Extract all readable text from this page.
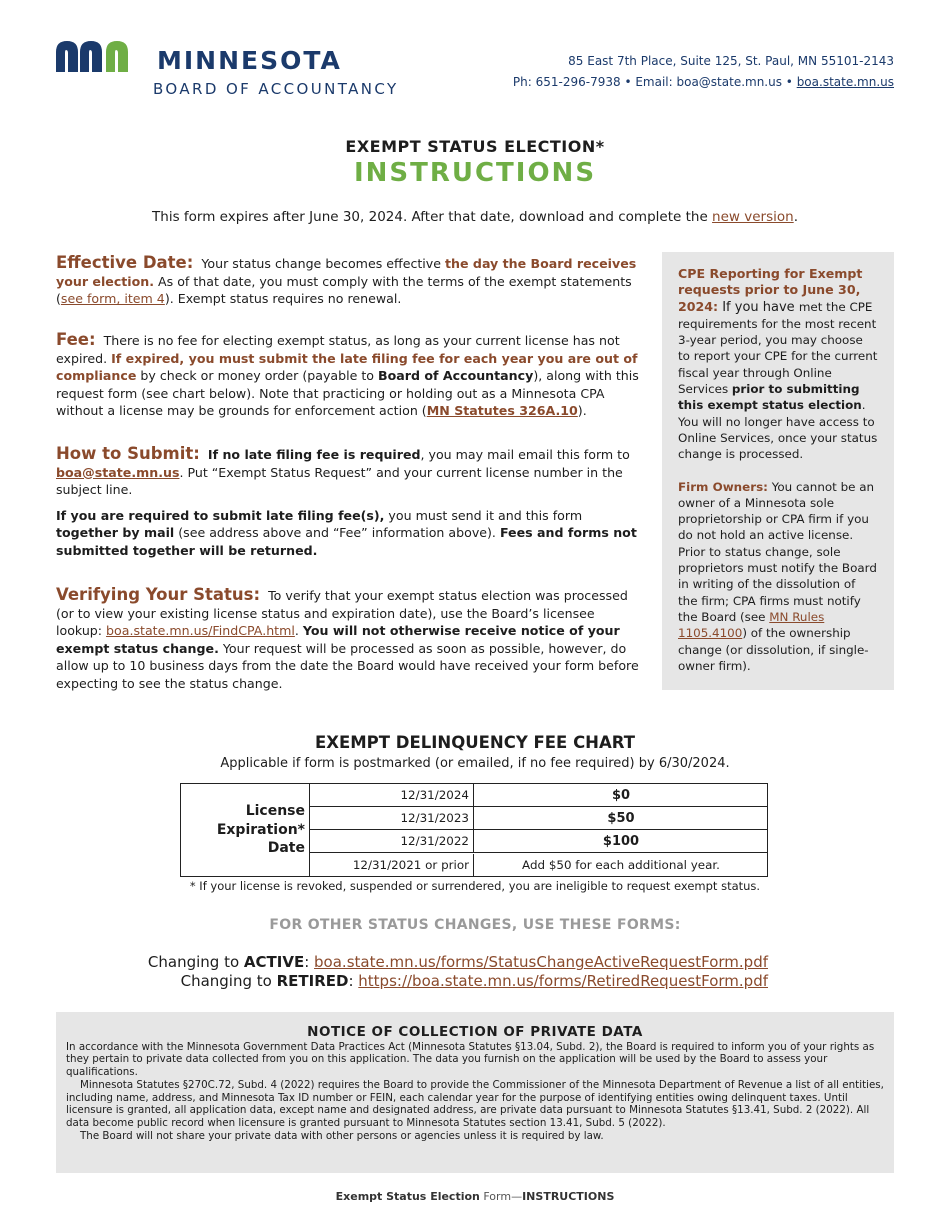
MINNESOTA
BOARD OF ACCOUNTANCY
85 East 7th Place, Suite 125, St. Paul, MN 55101-2143
Ph: 651-296-7938 • Email: boa@state.mn.us • boa.state.mn.us
EXEMPT STATUS ELECTION*
INSTRUCTIONS
This form expires after June 30, 2024. After that date, download and complete the new version.

Effective Date: Your status change becomes effective the day the Board receives your election. As of that date, you must comply with the terms of the exempt statements (see form, item 4). Exempt status requires no renewal.

Fee: There is no fee for electing exempt status, as long as your current license has not expired. If expired, you must submit the late filing fee for each year you are out of compliance by check or money order (payable to Board of Accountancy), along with this request form (see chart below). Note that practicing or holding out as a Minnesota CPA without a license may be grounds for enforcement action (MN Statutes 326A.10).

How to Submit: If no late filing fee is required, you may mail email this form to boa@state.mn.us. Put “Exempt Status Request” and your current license number in the subject line.

If you are required to submit late filing fee(s), you must send it and this form together by mail (see address above and “Fee” information above). Fees and forms not submitted together will be returned.

Verifying Your Status: To verify that your exempt status election was processed (or to view your existing license status and expiration date), use the Board’s licensee lookup: boa.state.mn.us/FindCPA.html. You will not otherwise receive notice of your exempt status change. Your request will be processed as soon as possible, however, do allow up to 10 business days from the date the Board would have received your form before expecting to see the status change.

CPE Reporting for Exempt requests prior to June 30, 2024: If you have met the CPE requirements for the most recent 3-year period, you may choose to report your CPE for the current fiscal year through Online Services prior to submitting this exempt status election. You will no longer have access to Online Services, once your status change is processed.
Firm Owners: You cannot be an owner of a Minnesota sole proprietorship or CPA firm if you do not hold an active license. Prior to status change, sole proprietors must notify the Board in writing of the dissolution of the firm; CPA firms must notify the Board (see MN Rules 1105.4100) of the ownership change (or dissolution, if single-owner firm).
EXEMPT DELINQUENCY FEE CHART
Applicable if form is postmarked (or emailed, if no fee required) by 6/30/2024.
License
Expiration*
Date
12/31/2024	$0
12/31/2023	$50
12/31/2022	$100
12/31/2021 or prior	Add $50 for each additional year.
* If your license is revoked, suspended or surrendered, you are ineligible to request exempt status.
FOR OTHER STATUS CHANGES, USE THESE FORMS:
Changing to ACTIVE: boa.state.mn.us/forms/StatusChangeActiveRequestForm.pdf
Changing to RETIRED: https://boa.state.mn.us/forms/RetiredRequestForm.pdf
NOTICE OF COLLECTION OF PRIVATE DATA

In accordance with the Minnesota Government Data Practices Act (Minnesota Statutes §13.04, Subd. 2), the Board is required to inform you of your rights as they pertain to private data collected from you on this application. The data you furnish on the application will be used by the Board to assess your qualifications.

Minnesota Statutes §270C.72, Subd. 4 (2022) requires the Board to provide the Commissioner of the Minnesota Department of Revenue a list of all entities, including name, address, and Minnesota Tax ID number or FEIN, each calendar year for the purpose of identifying entities owing delinquent taxes. Until licensure is granted, all application data, except name and designated address, are private data pursuant to Minnesota Statutes §13.41, Subd. 2 (2022). All data become public record when licensure is granted pursuant to Minnesota Statutes section 13.41, Subd. 5 (2022).

The Board will not share your private data with other persons or agencies unless it is required by law.

Exempt Status Election Form—INSTRUCTIONS
